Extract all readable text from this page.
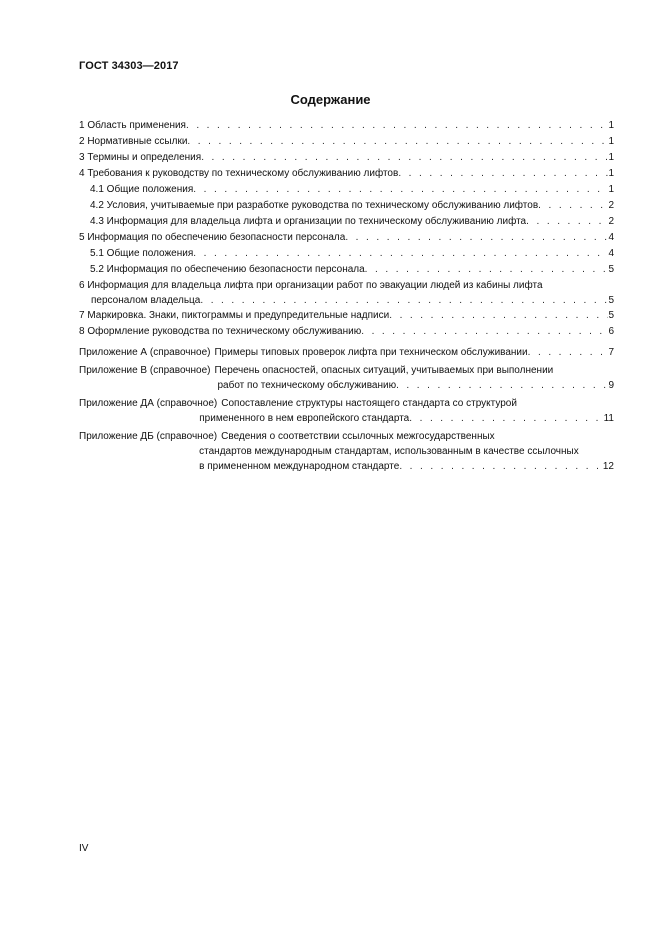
ГОСТ 34303—2017
Содержание
1 Область применения . . .	1
2 Нормативные ссылки . . .	1
3 Термины и определения . . .	1
4 Требования к руководству по техническому обслуживанию лифтов . . .	1
4.1 Общие положения . . .	1
4.2 Условия, учитываемые при разработке руководства по техническому обслуживанию лифтов . . .	2
4.3 Информация для владельца лифта и организации по техническому обслуживанию лифта . . .	2
5 Информация по обеспечению безопасности персонала . . .	4
5.1 Общие положения . . .	4
5.2 Информация по обеспечению безопасности персонала . . .	5
6 Информация для владельца лифта при организации работ по эвакуации людей из кабины лифта
персоналом владельца . . .	5
7 Маркировка. Знаки, пиктограммы и предупредительные надписи . . .	5
8 Оформление руководства по техническому обслуживанию . . .	6
Приложение А (справочное) Примеры типовых проверок лифта при техническом обслуживании . . .	7
Приложение В (справочное) Перечень опасностей, опасных ситуаций, учитываемых при выполнении
работ по техническому обслуживанию . . .	9
Приложение ДА (справочное) Сопоставление структуры настоящего стандарта со структурой
примененного в нем европейского стандарта . . .	11
Приложение ДБ (справочное) Сведения о соответствии ссылочных межгосударственных
стандартов международным стандартам, использованным в качестве ссылочных
в примененном международном стандарте . . .	12
IV
